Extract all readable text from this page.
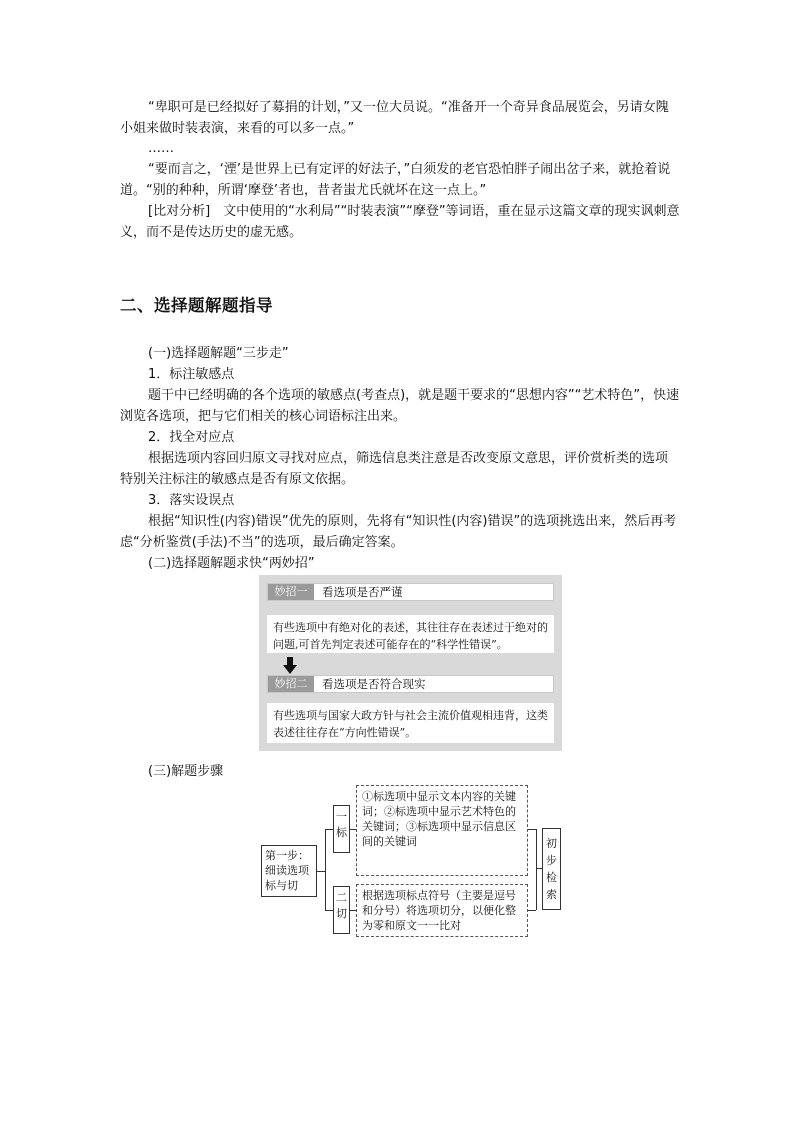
“卑职可是已经拟好了募捐的计划，”又一位大员说。“准备开一个奇异食品展览会，另请女隗小姐来做时装表演，来看的可以多一点。”

……

“要而言之，‘湮’是世界上已有定评的好法子，”白须发的老官恐怕胖子闹出岔子来，就抢着说道。“别的种种，所谓‘摩登’者也，昔者蚩尤氏就坏在这一点上。”

[比对分析]　文中使用的“水利局”“时装表演”“摩登”等词语，重在显示这篇文章的现实讽刺意义，而不是传达历史的虚无感。

二、选择题解题指导

(一)选择题解题“三步走”

1．标注敏感点

题干中已经明确的各个选项的敏感点(考查点)，就是题干要求的“思想内容”“艺术特色”，快速浏览各选项，把与它们相关的核心词语标注出来。

2．找全对应点

根据选项内容回归原文寻找对应点，筛选信息类注意是否改变原文意思，评价赏析类的选项特别关注标注的敏感点是否有原文依据。

3．落实设误点

根据“知识性(内容)错误”优先的原则，先将有“知识性(内容)错误”的选项挑选出来，然后再考虑“分析鉴赏(手法)不当”的选项，最后确定答案。

(二)选择题解题求快“两妙招”

妙招一	看选项是否严谨
有些选项中有绝对化的表述，其往往存在表述过于绝对的问题,可首先判定表述可能存在的“科学性错误”。
妙招二	看选项是否符合现实
有些选项与国家大政方针与社会主流价值观相违背，这类表述往往存在“方向性错误”。

(三)解题步骤

第一步：细读选项标与切
一标
①标选项中显示文本内容的关键词；②标选项中显示艺术特色的关键词；③标选项中显示信息区间的关键词
二切
根据选项标点符号（主要是逗号和分号）将选项切分，以便化整为零和原文一一比对
初步检索
